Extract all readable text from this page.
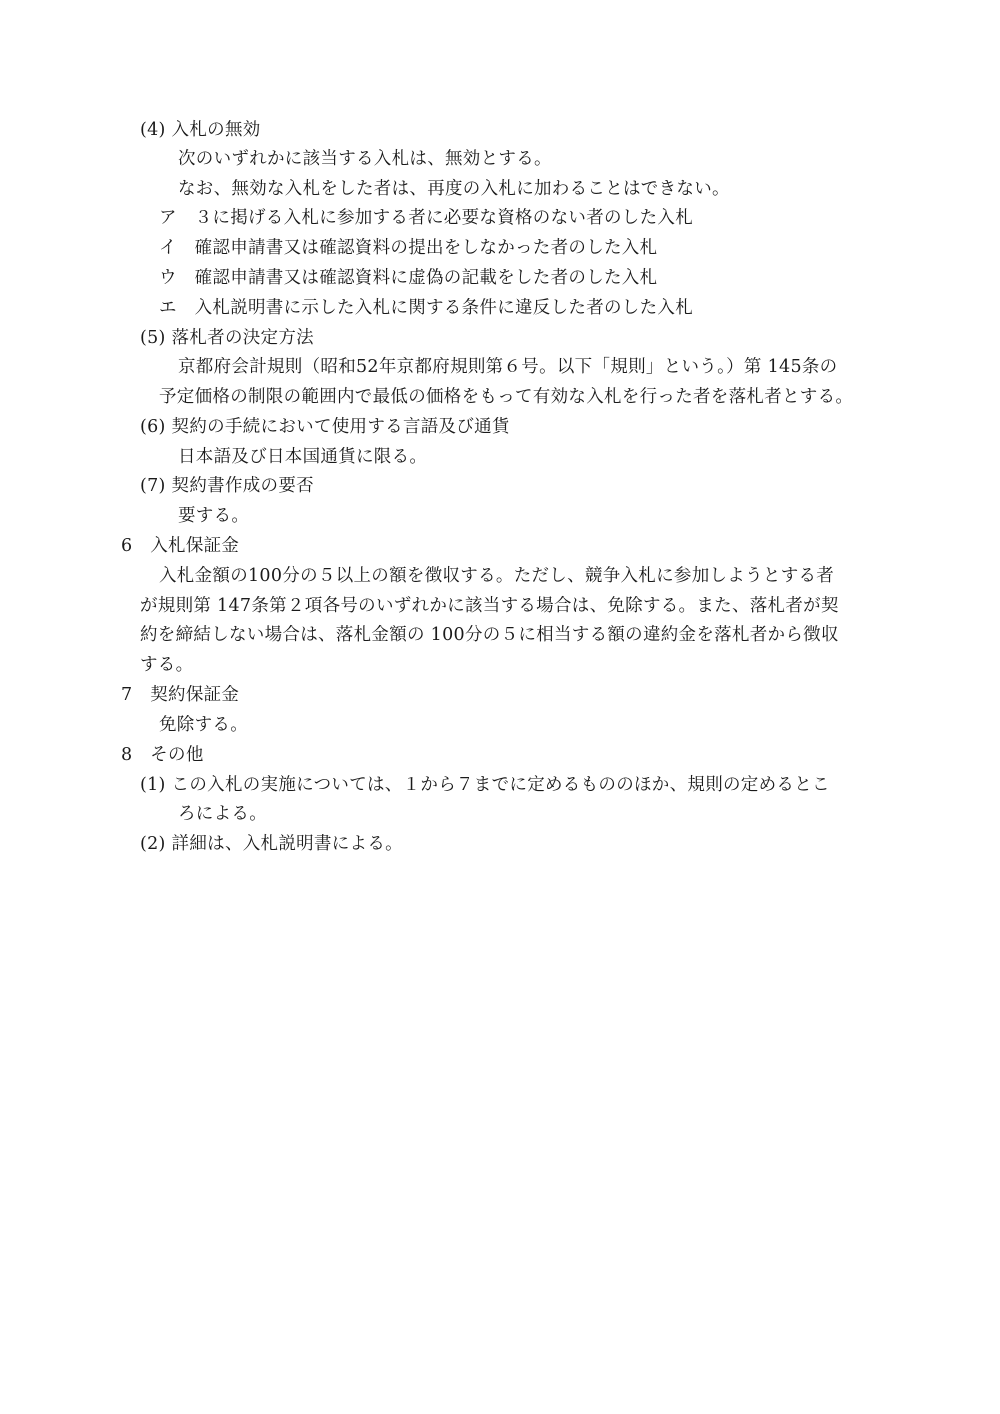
(4) 入札の無効
次のいずれかに該当する入札は、無効とする。
なお、無効な入札をした者は、再度の入札に加わることはできない。
ア　３に掲げる入札に参加する者に必要な資格のない者のした入札
イ　確認申請書又は確認資料の提出をしなかった者のした入札
ウ　確認申請書又は確認資料に虚偽の記載をした者のした入札
エ　入札説明書に示した入札に関する条件に違反した者のした入札
(5) 落札者の決定方法
京都府会計規則（昭和52年京都府規則第６号。以下「規則」という。）第 145条の
予定価格の制限の範囲内で最低の価格をもって有効な入札を行った者を落札者とする。
(6) 契約の手続において使用する言語及び通貨
日本語及び日本国通貨に限る。
(7) 契約書作成の要否
要する。
6　入札保証金
入札金額の100分の５以上の額を徴収する。ただし、競争入札に参加しようとする者
が規則第 147条第２項各号のいずれかに該当する場合は、免除する。また、落札者が契
約を締結しない場合は、落札金額の 100分の５に相当する額の違約金を落札者から徴収
する。
7　契約保証金
免除する。
8　その他
(1) この入札の実施については、１から７までに定めるもののほか、規則の定めるとこ
ろによる。
(2) 詳細は、入札説明書による。
